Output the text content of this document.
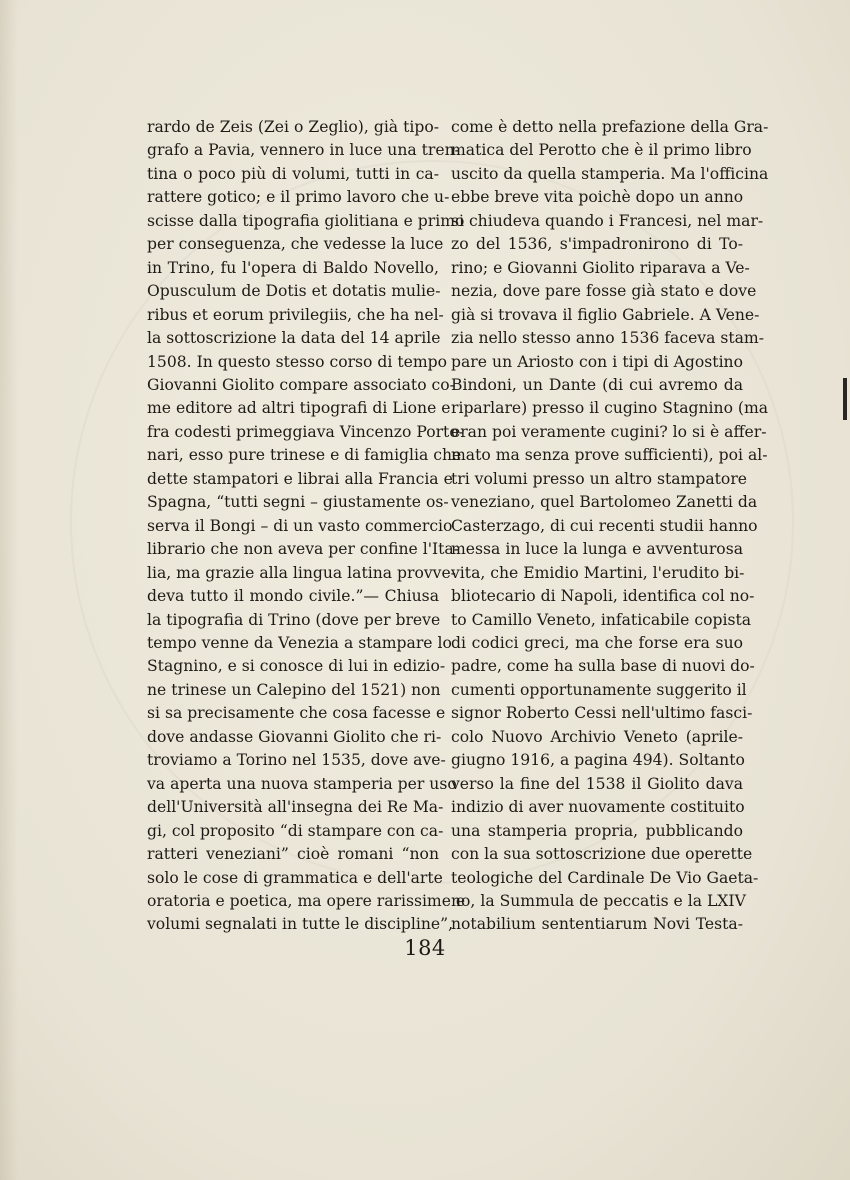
rardo de Zeis (Zei o Zeglio), già tipo-
grafo a Pavia, vennero in luce una tren-
tina o poco più di volumi, tutti in ca-
rattere gotico; e il primo lavoro che u-
scisse dalla tipografia giolitiana e primo
per conseguenza, che vedesse la luce
in Trino, fu l'opera di Baldo Novello,
Opusculum de Dotis et dotatis mulie-
ribus et eorum privilegiis, che ha nel-
la sottoscrizione la data del 14 aprile
1508. In questo stesso corso di tempo
Giovanni Giolito compare associato co-
me editore ad altri tipografi di Lione e
fra codesti primeggiava Vincenzo Porto-
nari, esso pure trinese e di famiglia che
dette stampatori e librai alla Francia e
Spagna, “tutti segni – giustamente os-
serva il Bongi – di un vasto commercio
librario che non aveva per confine l'Ita-
lia, ma grazie alla lingua latina provve-
deva tutto il mondo civile.”— Chiusa
la tipografia di Trino (dove per breve
tempo venne da Venezia a stampare lo
Stagnino, e si conosce di lui in edizio-
ne trinese un Calepino del 1521) non
si sa precisamente che cosa facesse e
dove andasse Giovanni Giolito che ri-
troviamo a Torino nel 1535, dove ave-
va aperta una nuova stamperia per uso
dell'Università all'insegna dei Re Ma-
gi, col proposito “di stampare con ca-
ratteri veneziani” cioè romani “non
solo le cose di grammatica e dell'arte
oratoria e poetica, ma opere rarissime e
volumi segnalati in tutte le discipline”,
come è detto nella prefazione della Gra-
matica del Perotto che è il primo libro
uscito da quella stamperia. Ma l'officina
ebbe breve vita poichè dopo un anno
si chiudeva quando i Francesi, nel mar-
zo del 1536, s'impadronirono di To-
rino; e Giovanni Giolito riparava a Ve-
nezia, dove pare fosse già stato e dove
già si trovava il figlio Gabriele. A Vene-
zia nello stesso anno 1536 faceva stam-
pare un Ariosto con i tipi di Agostino
Bindoni, un Dante (di cui avremo da
riparlare) presso il cugino Stagnino (ma
eran poi veramente cugini? lo si è affer-
mato ma senza prove sufficienti), poi al-
tri volumi presso un altro stampatore
veneziano, quel Bartolomeo Zanetti da
Casterzago, di cui recenti studii hanno
messa in luce la lunga e avventurosa
vita, che Emidio Martini, l'erudito bi-
bliotecario di Napoli, identifica col no-
to Camillo Veneto, infaticabile copista
di codici greci, ma che forse era suo
padre, come ha sulla base di nuovi do-
cumenti opportunamente suggerito il
signor Roberto Cessi nell'ultimo fasci-
colo Nuovo Archivio Veneto (aprile-
giugno 1916, a pagina 494). Soltanto
verso la fine del 1538 il Giolito dava
indizio di aver nuovamente costituito
una stamperia propria, pubblicando
con la sua sottoscrizione due operette
teologiche del Cardinale De Vio Gaeta-
no, la Summula de peccatis e la LXIV
notabilium sententiarum Novi Testa-
184
